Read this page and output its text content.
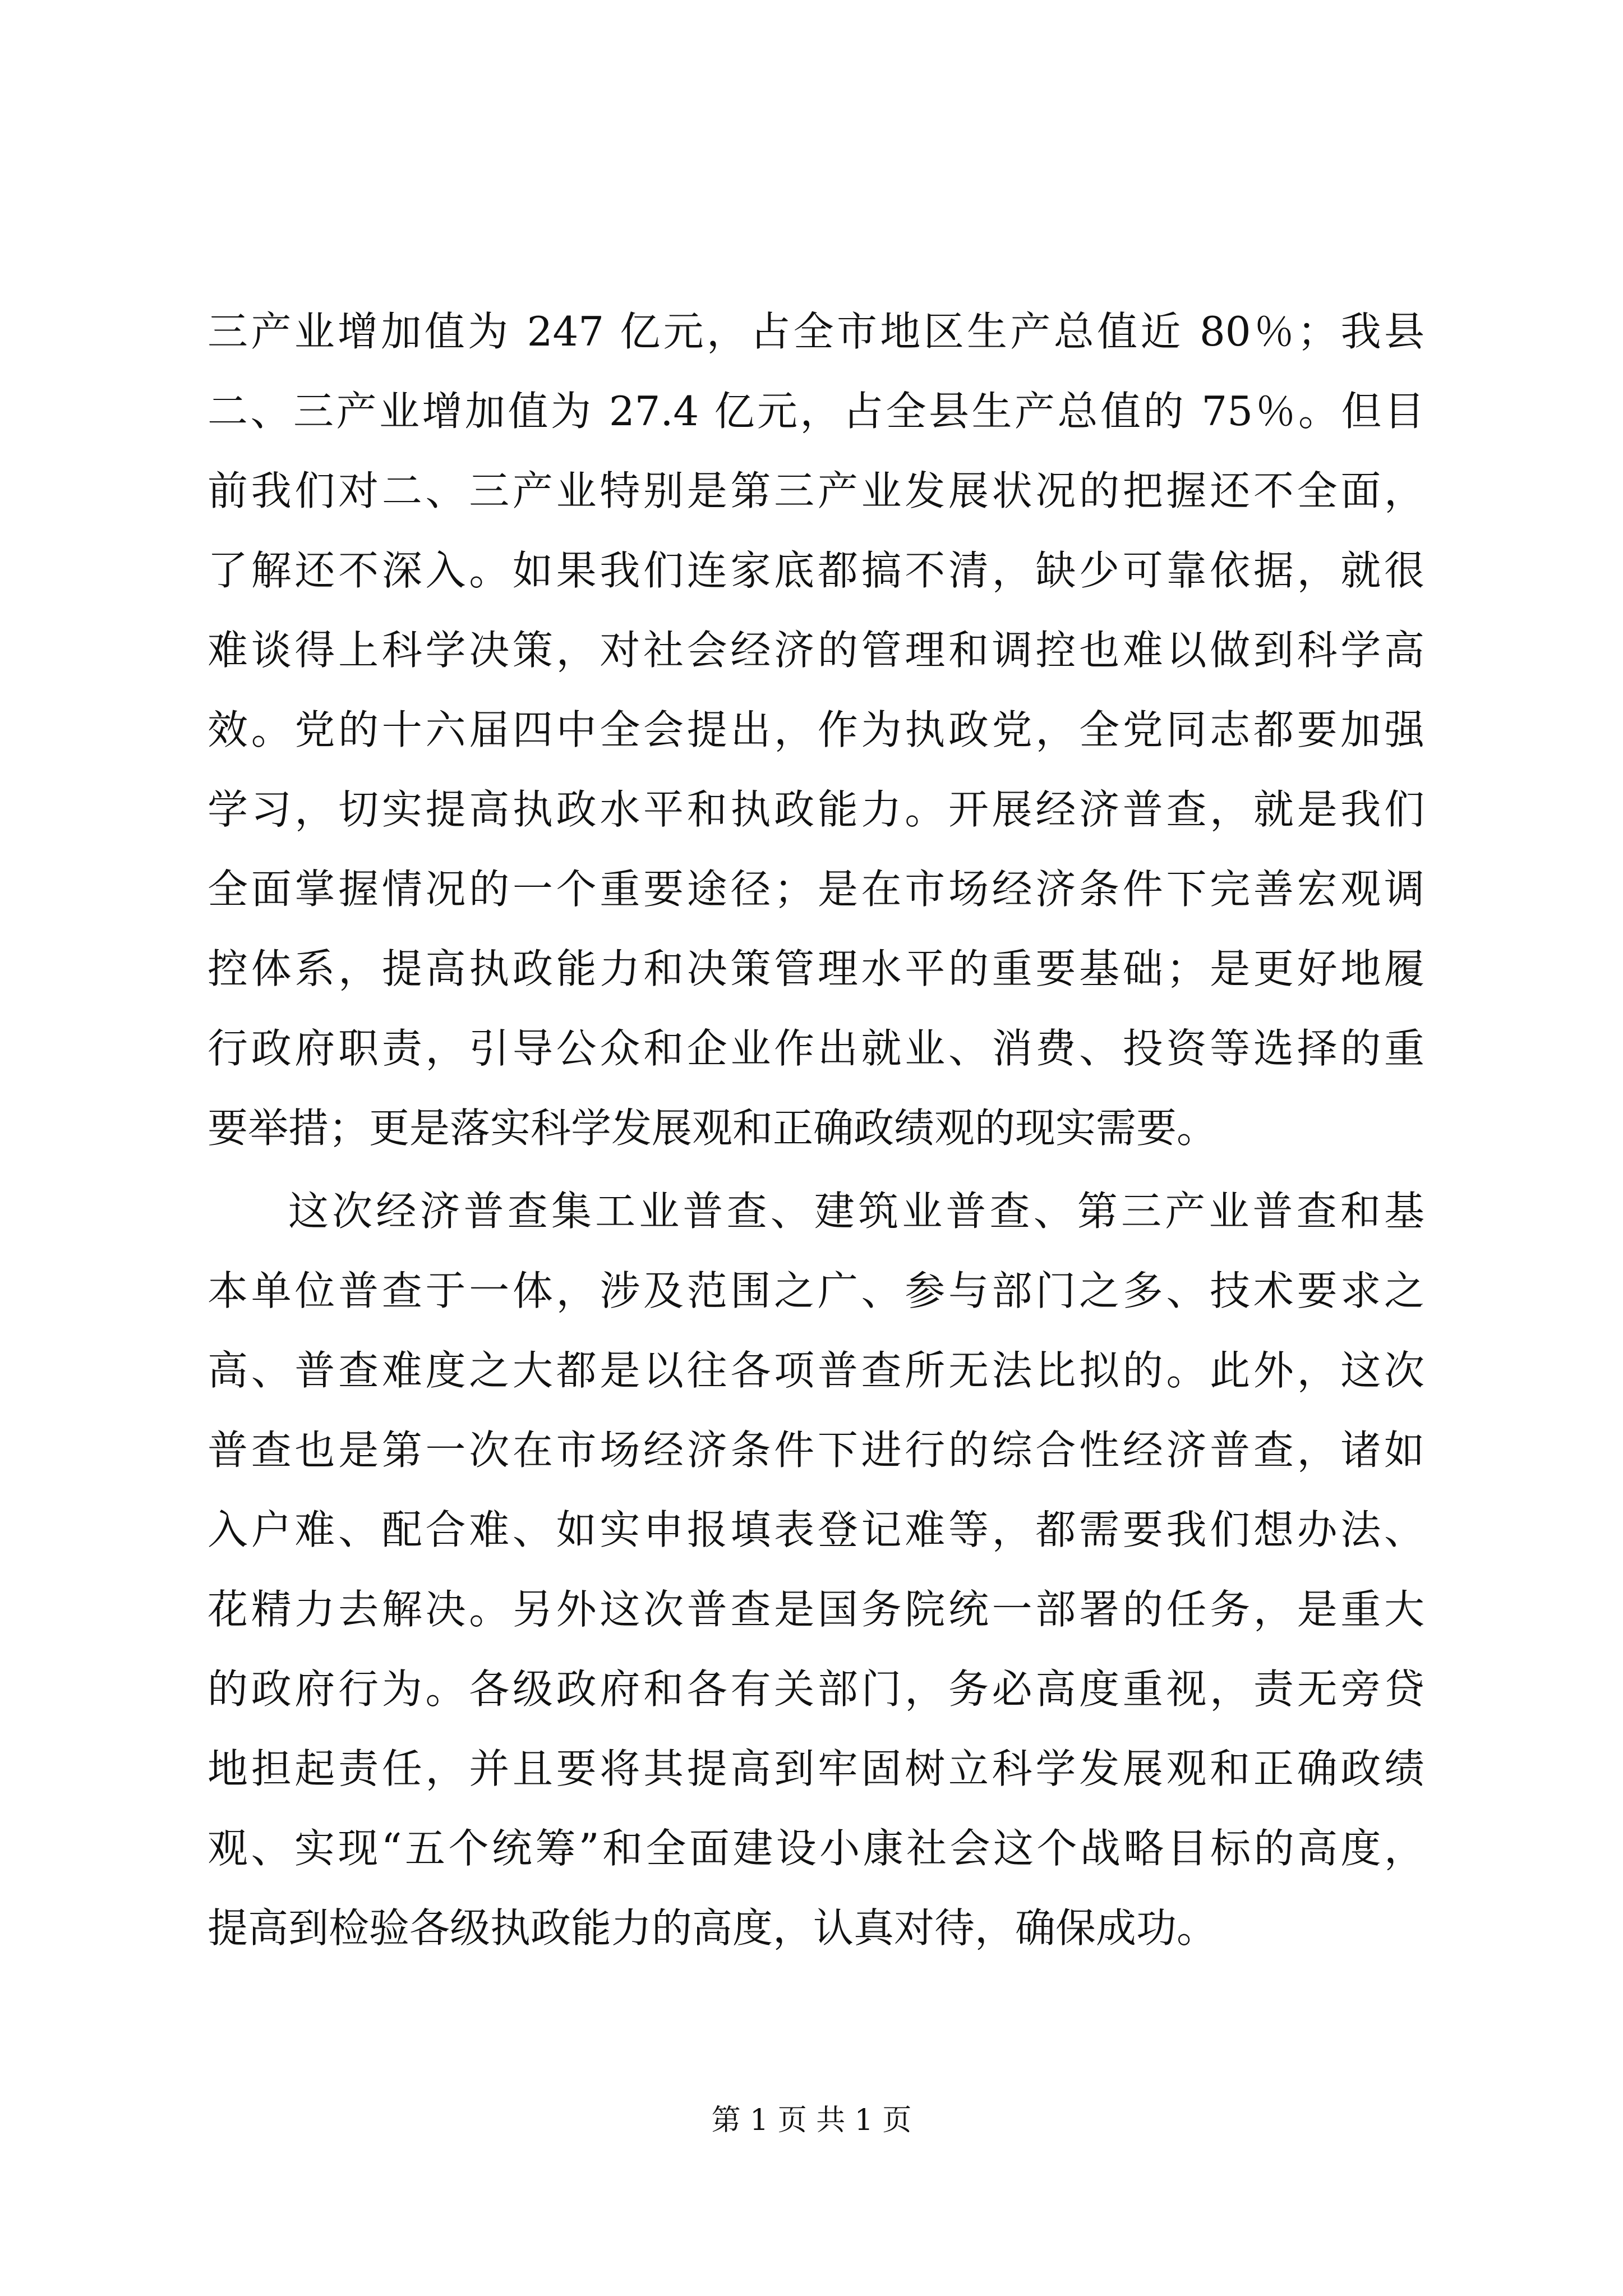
三产业增加值为 247 亿元，占全市地区生产总值近 80％；我县
二、三产业增加值为 27.4 亿元，占全县生产总值的 75％。但目
前我们对二、三产业特别是第三产业发展状况的把握还不全面，
了解还不深入。如果我们连家底都搞不清，缺少可靠依据，就很
难谈得上科学决策，对社会经济的管理和调控也难以做到科学高
效。党的十六届四中全会提出，作为执政党，全党同志都要加强
学习，切实提高执政水平和执政能力。开展经济普查，就是我们
全面掌握情况的一个重要途径；是在市场经济条件下完善宏观调
控体系，提高执政能力和决策管理水平的重要基础；是更好地履
行政府职责，引导公众和企业作出就业、消费、投资等选择的重
要举措；更是落实科学发展观和正确政绩观的现实需要。
这次经济普查集工业普查、建筑业普查、第三产业普查和基
本单位普查于一体，涉及范围之广、参与部门之多、技术要求之
高、普查难度之大都是以往各项普查所无法比拟的。此外，这次
普查也是第一次在市场经济条件下进行的综合性经济普查，诸如
入户难、配合难、如实申报填表登记难等，都需要我们想办法、
花精力去解决。另外这次普查是国务院统一部署的任务，是重大
的政府行为。各级政府和各有关部门，务必高度重视，责无旁贷
地担起责任，并且要将其提高到牢固树立科学发展观和正确政绩
观、实现“五个统筹”和全面建设小康社会这个战略目标的高度，
提高到检验各级执政能力的高度，认真对待，确保成功。
第 1 页 共 1 页
